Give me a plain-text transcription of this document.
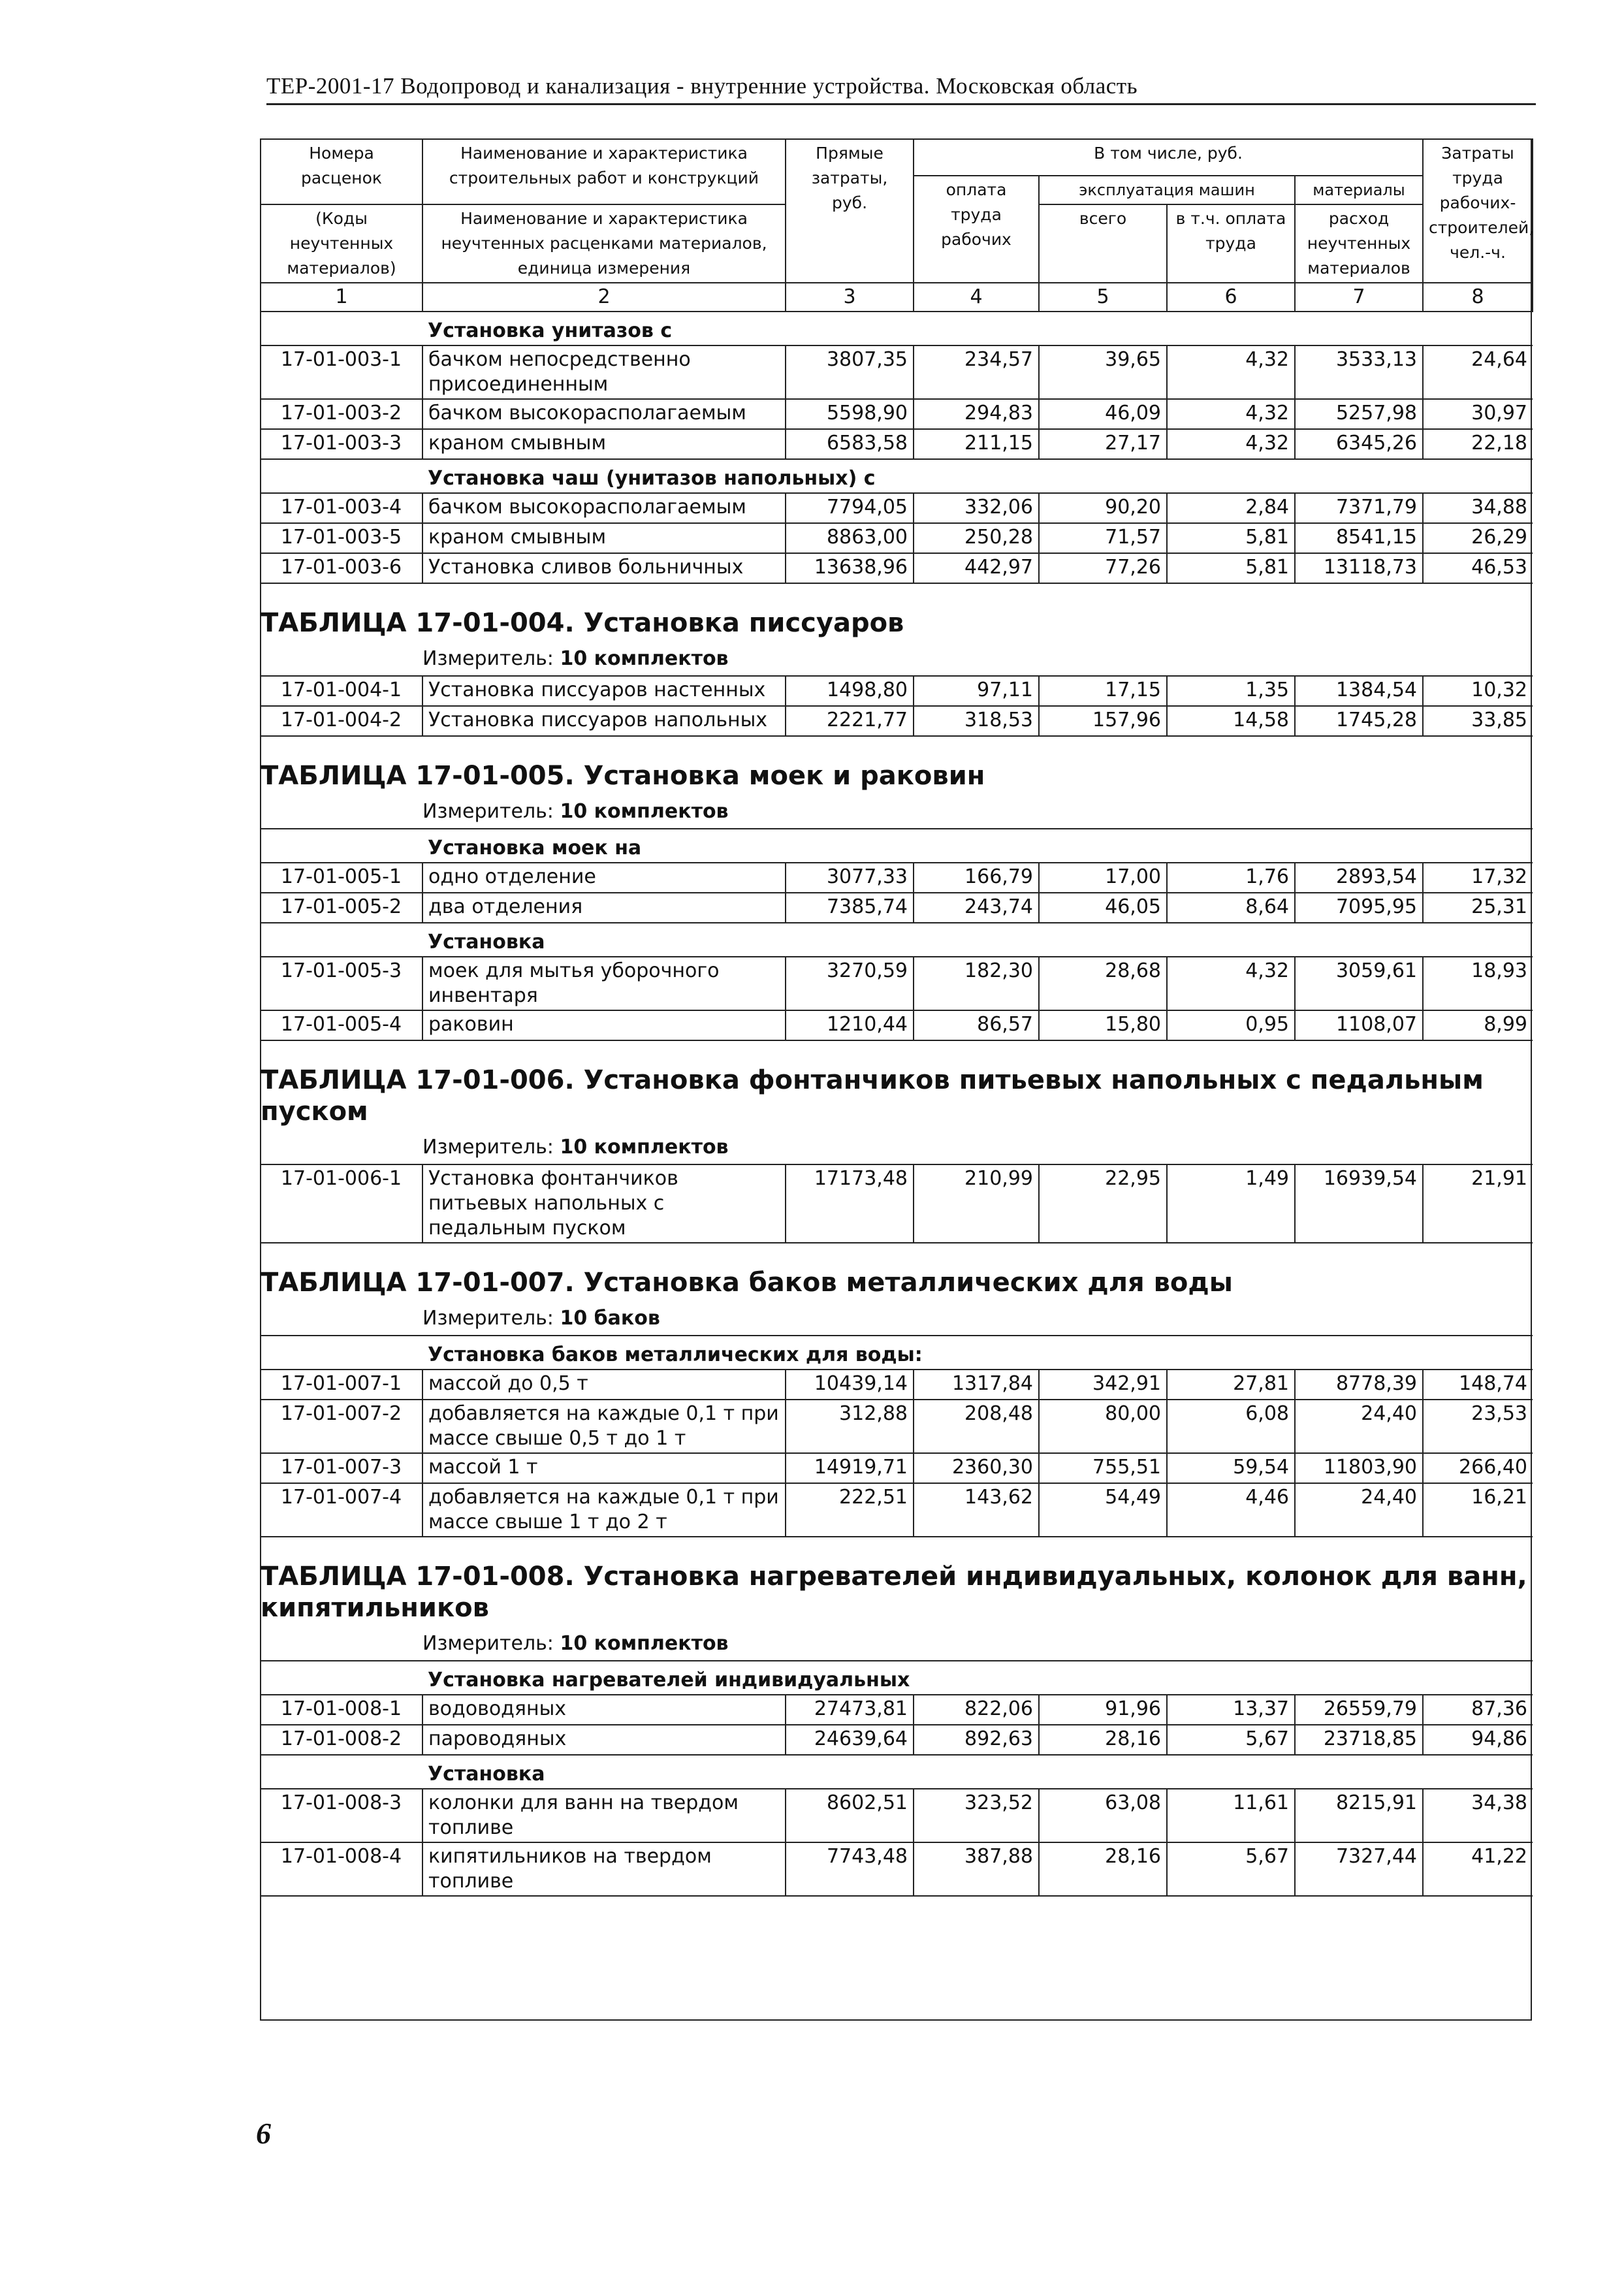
ТЕР-2001-17 Водопровод и канализация - внутренние устройства. Московская область
Номера расценок	Наименование и характеристика строительных работ и конструкций	Прямые затраты, руб.	В том числе, руб.				Затраты труда рабочих-строителей, чел.-ч.
			оплата труда рабочих	эксплуатация машин		материалы	
(Коды неучтенных материалов)	Наименование и характеристика неучтенных расценками материалов, единица измерения			всего	в т.ч. оплата труда	расход неучтенных материалов	

1	2	3	4	5	6	7	8
	Установка унитазов с						
17-01-003-1	бачком непосредственно присоединенным	3807,35	234,57	39,65	4,32	3533,13	24,64
17-01-003-2	бачком высокорасполагаемым	5598,90	294,83	46,09	4,32	5257,98	30,97
17-01-003-3	краном смывным	6583,58	211,15	27,17	4,32	6345,26	22,18
	Установка чаш (унитазов напольных) с						
17-01-003-4	бачком высокорасполагаемым	7794,05	332,06	90,20	2,84	7371,79	34,88
17-01-003-5	краном смывным	8863,00	250,28	71,57	5,81	8541,15	26,29
17-01-003-6	Установка сливов больничных	13638,96	442,97	77,26	5,81	13118,73	46,53
ТАБЛИЦА 17-01-004. Установка писсуаров							
	Измеритель: 10 комплектов						
17-01-004-1	Установка писсуаров настенных	1498,80	97,11	17,15	1,35	1384,54	10,32
17-01-004-2	Установка писсуаров напольных	2221,77	318,53	157,96	14,58	1745,28	33,85
ТАБЛИЦА 17-01-005. Установка моек и раковин							
	Измеритель: 10 комплектов						
	Установка моек на						
17-01-005-1	одно отделение	3077,33	166,79	17,00	1,76	2893,54	17,32
17-01-005-2	два отделения	7385,74	243,74	46,05	8,64	7095,95	25,31
	Установка						
17-01-005-3	моек для мытья уборочного инвентаря	3270,59	182,30	28,68	4,32	3059,61	18,93
17-01-005-4	раковин	1210,44	86,57	15,80	0,95	1108,07	8,99
ТАБЛИЦА 17-01-006. Установка фонтанчиков питьевых напольных с педальным пуском							
	Измеритель: 10 комплектов						
17-01-006-1	Установка фонтанчиков питьевых напольных с педальным пуском	17173,48	210,99	22,95	1,49	16939,54	21,91
ТАБЛИЦА 17-01-007. Установка баков металлических для воды							
	Измеритель: 10 баков						
	Установка баков металлических для воды:						
17-01-007-1	массой до 0,5 т	10439,14	1317,84	342,91	27,81	8778,39	148,74
17-01-007-2	добавляется на каждые 0,1 т при массе свыше 0,5 т до 1 т	312,88	208,48	80,00	6,08	24,40	23,53
17-01-007-3	массой 1 т	14919,71	2360,30	755,51	59,54	11803,90	266,40
17-01-007-4	добавляется на каждые 0,1 т при массе свыше 1 т до 2 т	222,51	143,62	54,49	4,46	24,40	16,21
ТАБЛИЦА 17-01-008. Установка нагревателей индивидуальных, колонок для ванн, кипятильников							
	Измеритель: 10 комплектов						
	Установка нагревателей индивидуальных						
17-01-008-1	водоводяных	27473,81	822,06	91,96	13,37	26559,79	87,36
17-01-008-2	пароводяных	24639,64	892,63	28,16	5,67	23718,85	94,86
	Установка						
17-01-008-3	колонки для ванн на твердом топливе	8602,51	323,52	63,08	11,61	8215,91	34,38
17-01-008-4	кипятильников на твердом топливе	7743,48	387,88	28,16	5,67	7327,44	41,22
6
